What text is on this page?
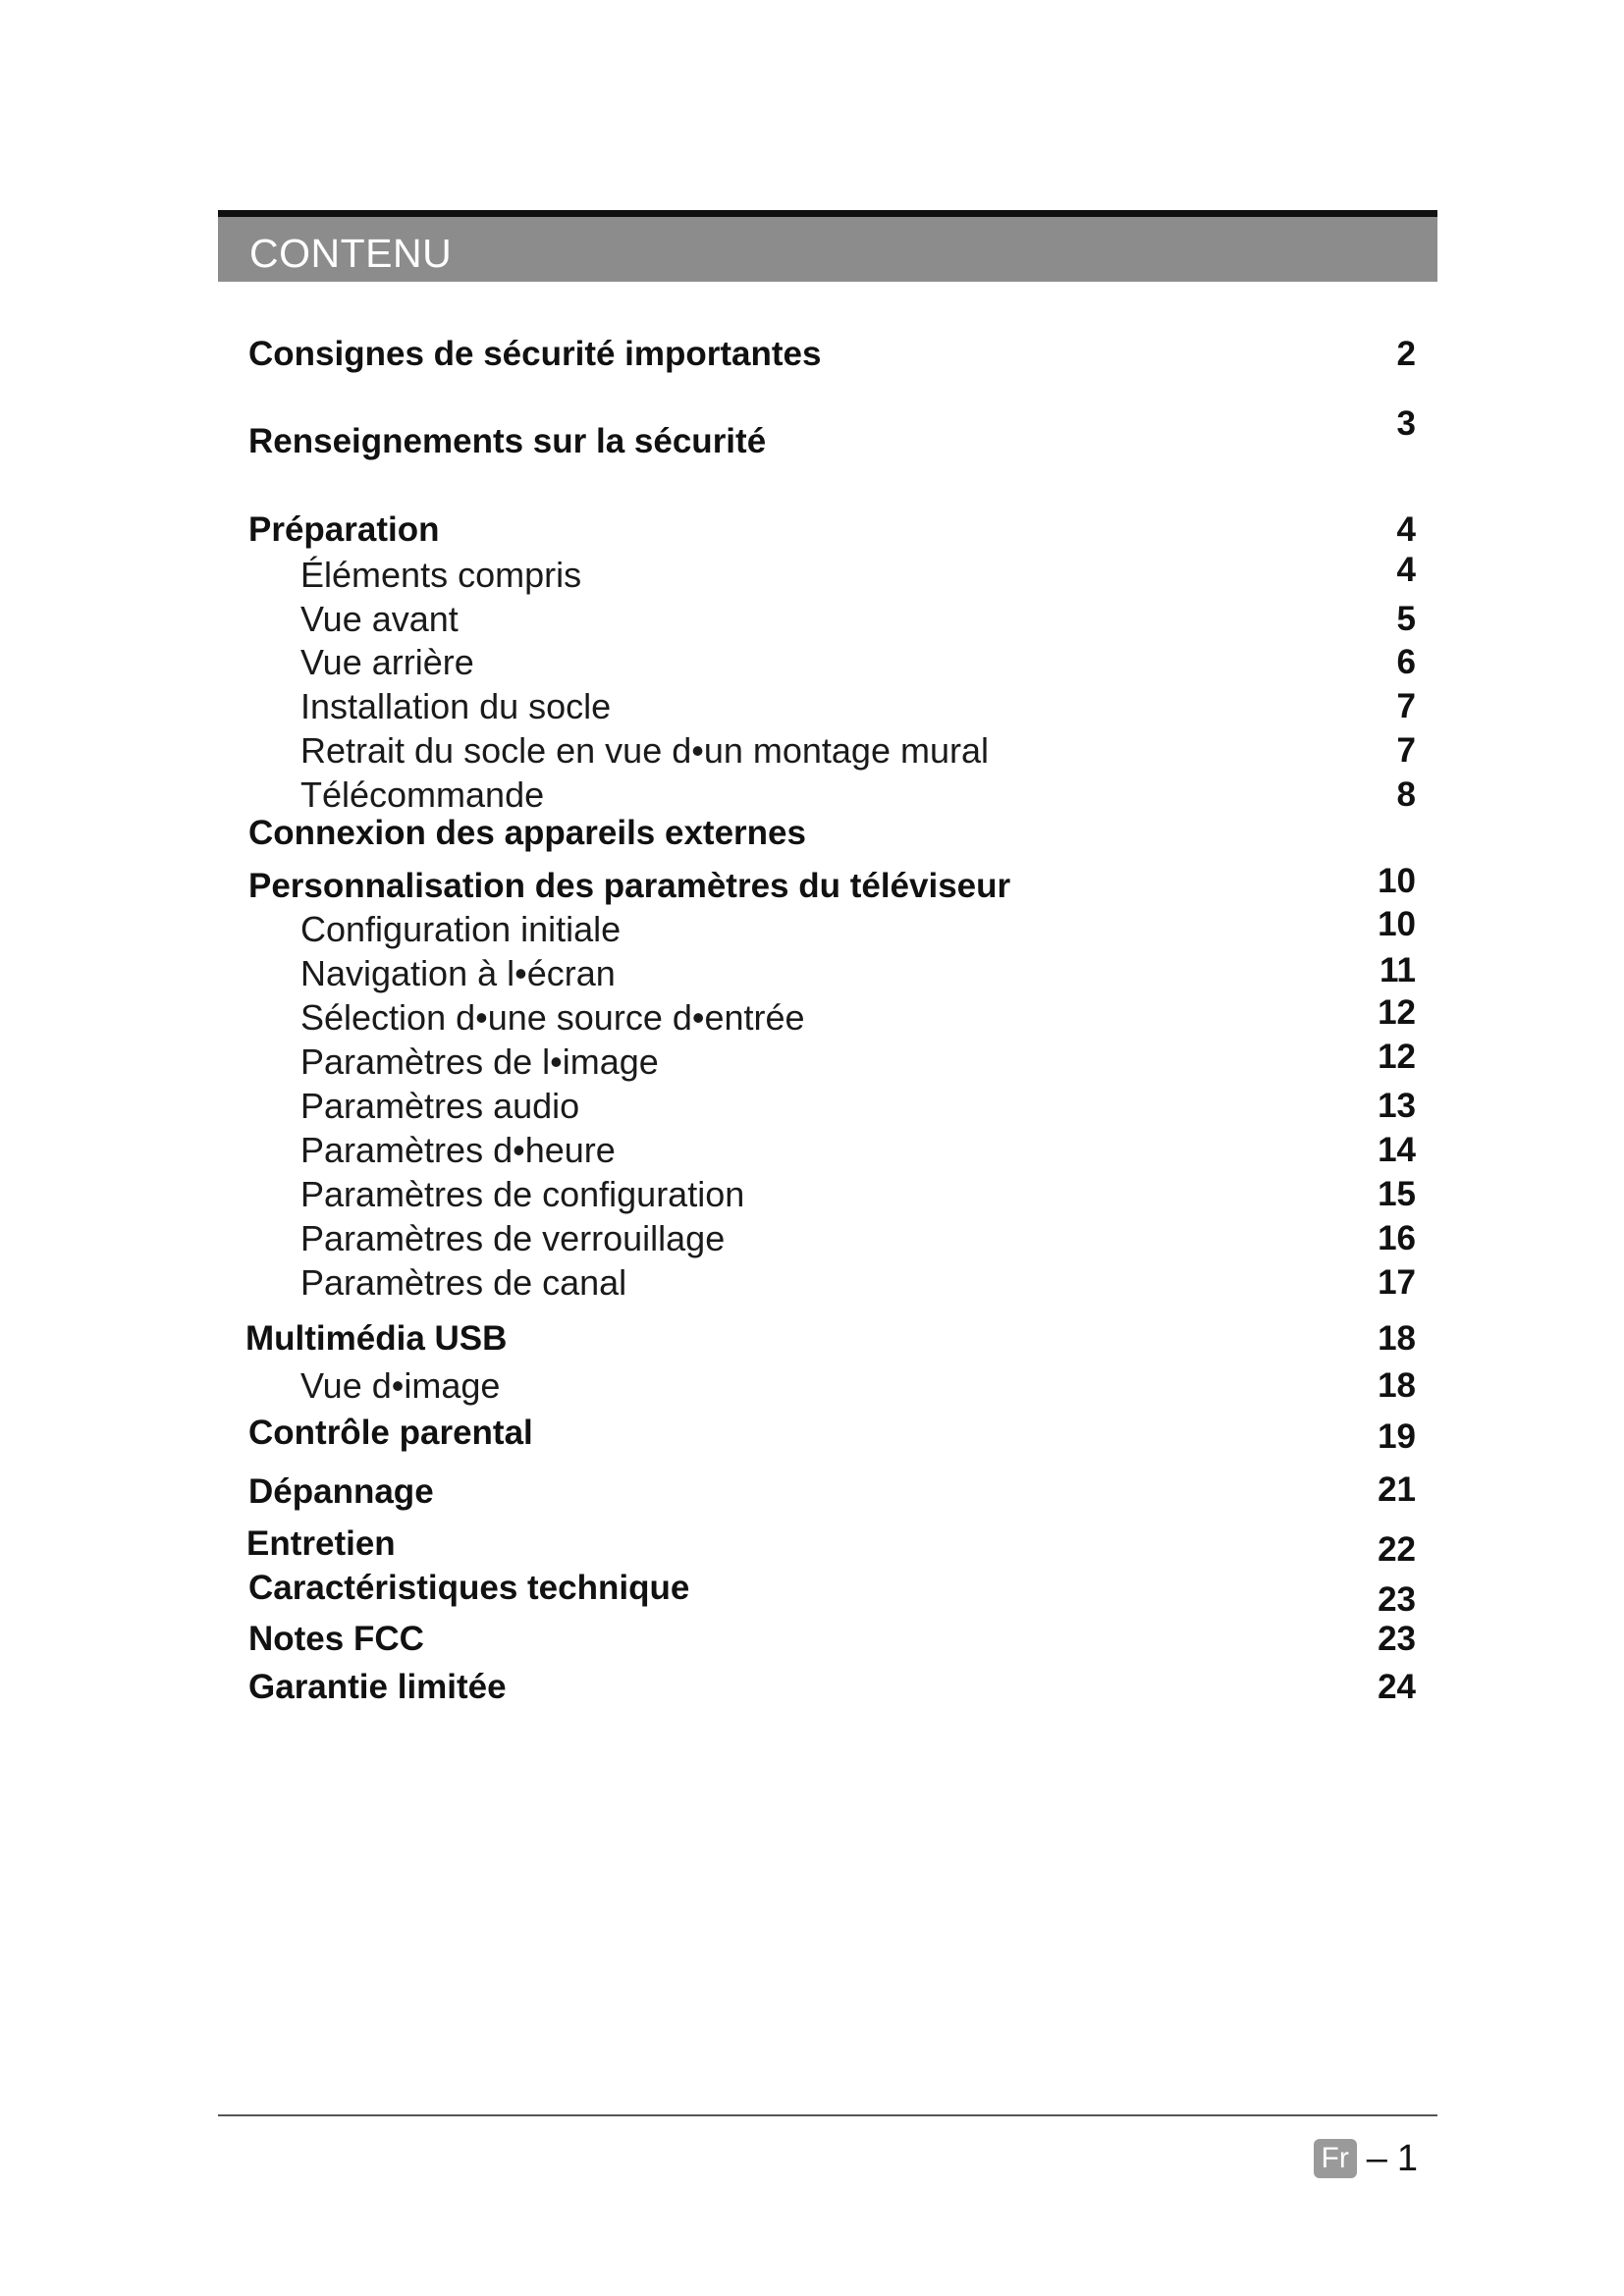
CONTENU
Consignes de sécurité importantes	2
Renseignements sur la sécurité	3
Préparation	4
Éléments compris	4
Vue avant	5
Vue arrière	6
Installation du socle	7
Retrait du socle en vue d•un montage mural	7
Télécommande	8
Connexion des appareils externes
Personnalisation des paramètres du téléviseur	10
Configuration initiale	10
Navigation à l•écran	11
Sélection d•une source d•entrée	12
Paramètres de l•image	12
Paramètres audio	13
Paramètres d•heure	14
Paramètres de configuration	15
Paramètres de verrouillage	16
Paramètres de canal	17
Multimédia USB	18
Vue d•image	18
Contrôle parental	19
Dépannage	21
Entretien	22
Caractéristiques technique	23
Notes FCC	23
Garantie limitée	24
Fr – 1
